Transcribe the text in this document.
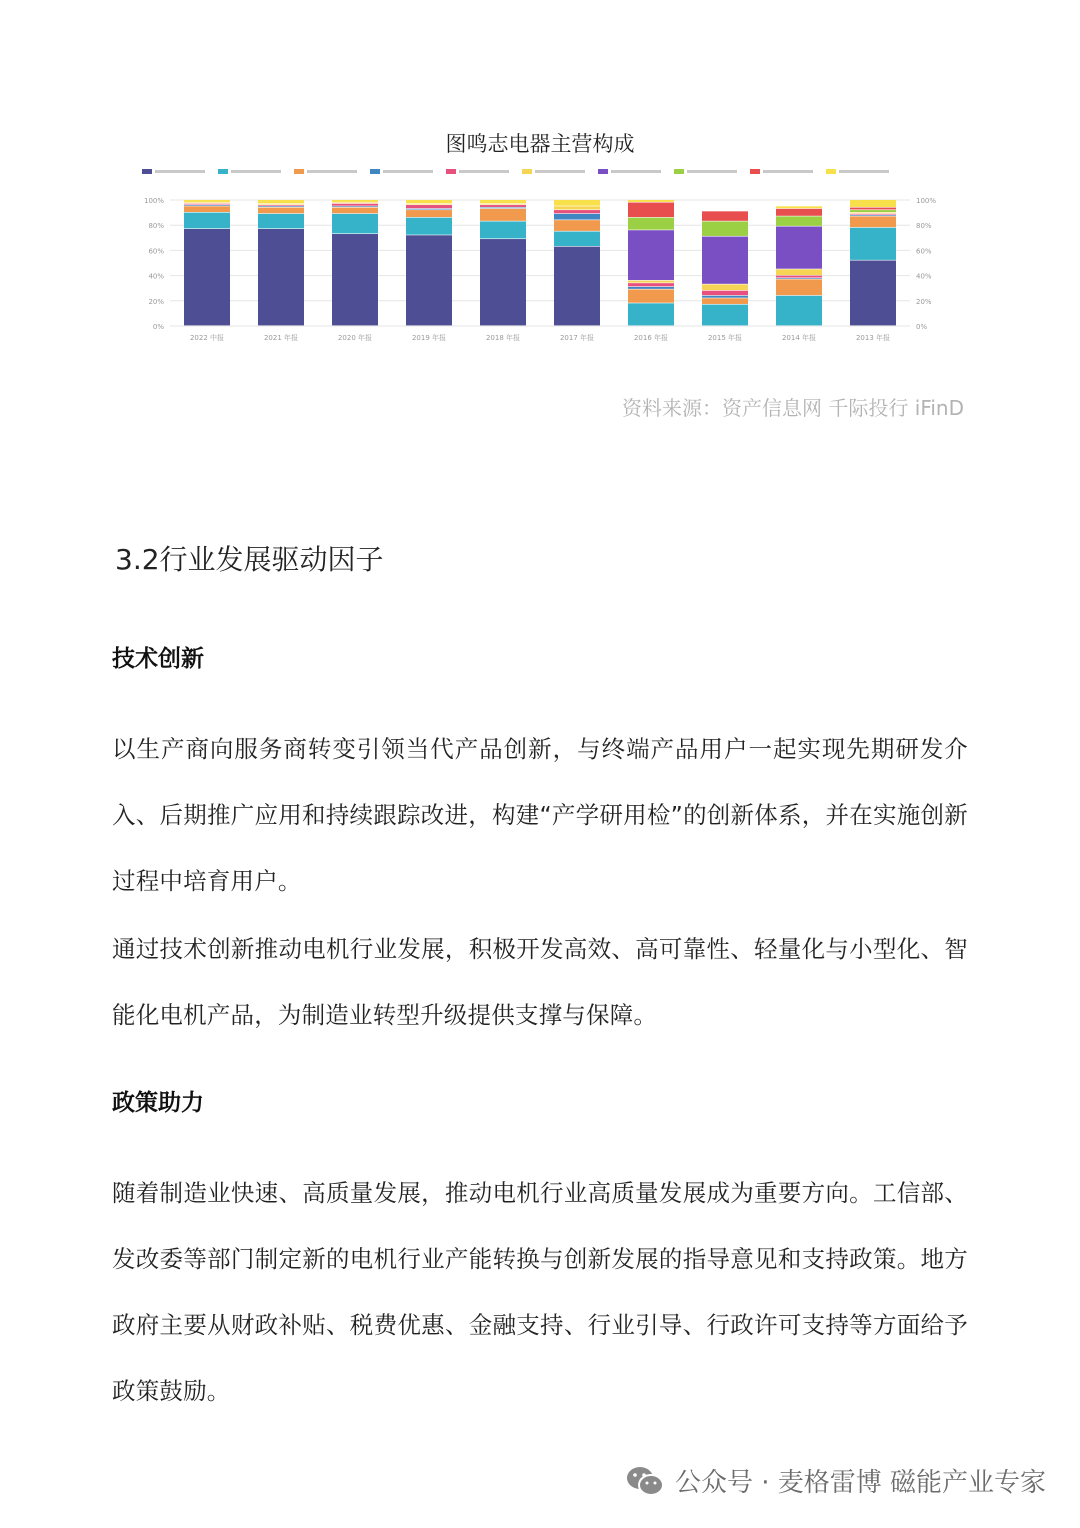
图鸣志电器主营构成
0%	0%
20%	20%
40%	40%
60%	60%
80%	80%
100%	100%
2022 中报	2021 年报	2020 年报	2019 年报	2018 年报	2017 年报	2016 年报	2015 年报	2014 年报	2013 年报
资料来源：资产信息网 千际投行 iFinD
3.2行业发展驱动因子
技术创新
以生产商向服务商转变引领当代产品创新，与终端产品用户一起实现先期研发介入、后期推广应用和持续跟踪改进，构建“产学研用检”的创新体系，并在实施创新过程中培育用户。
通过技术创新推动电机行业发展，积极开发高效、高可靠性、轻量化与小型化、智能化电机产品，为制造业转型升级提供支撑与保障。
政策助力
随着制造业快速、高质量发展，推动电机行业高质量发展成为重要方向。工信部、发改委等部门制定新的电机行业产能转换与创新发展的指导意见和支持政策。地方政府主要从财政补贴、税费优惠、金融支持、行业引导、行政许可支持等方面给予政策鼓励。
公众号 · 麦格雷博 磁能产业专家
